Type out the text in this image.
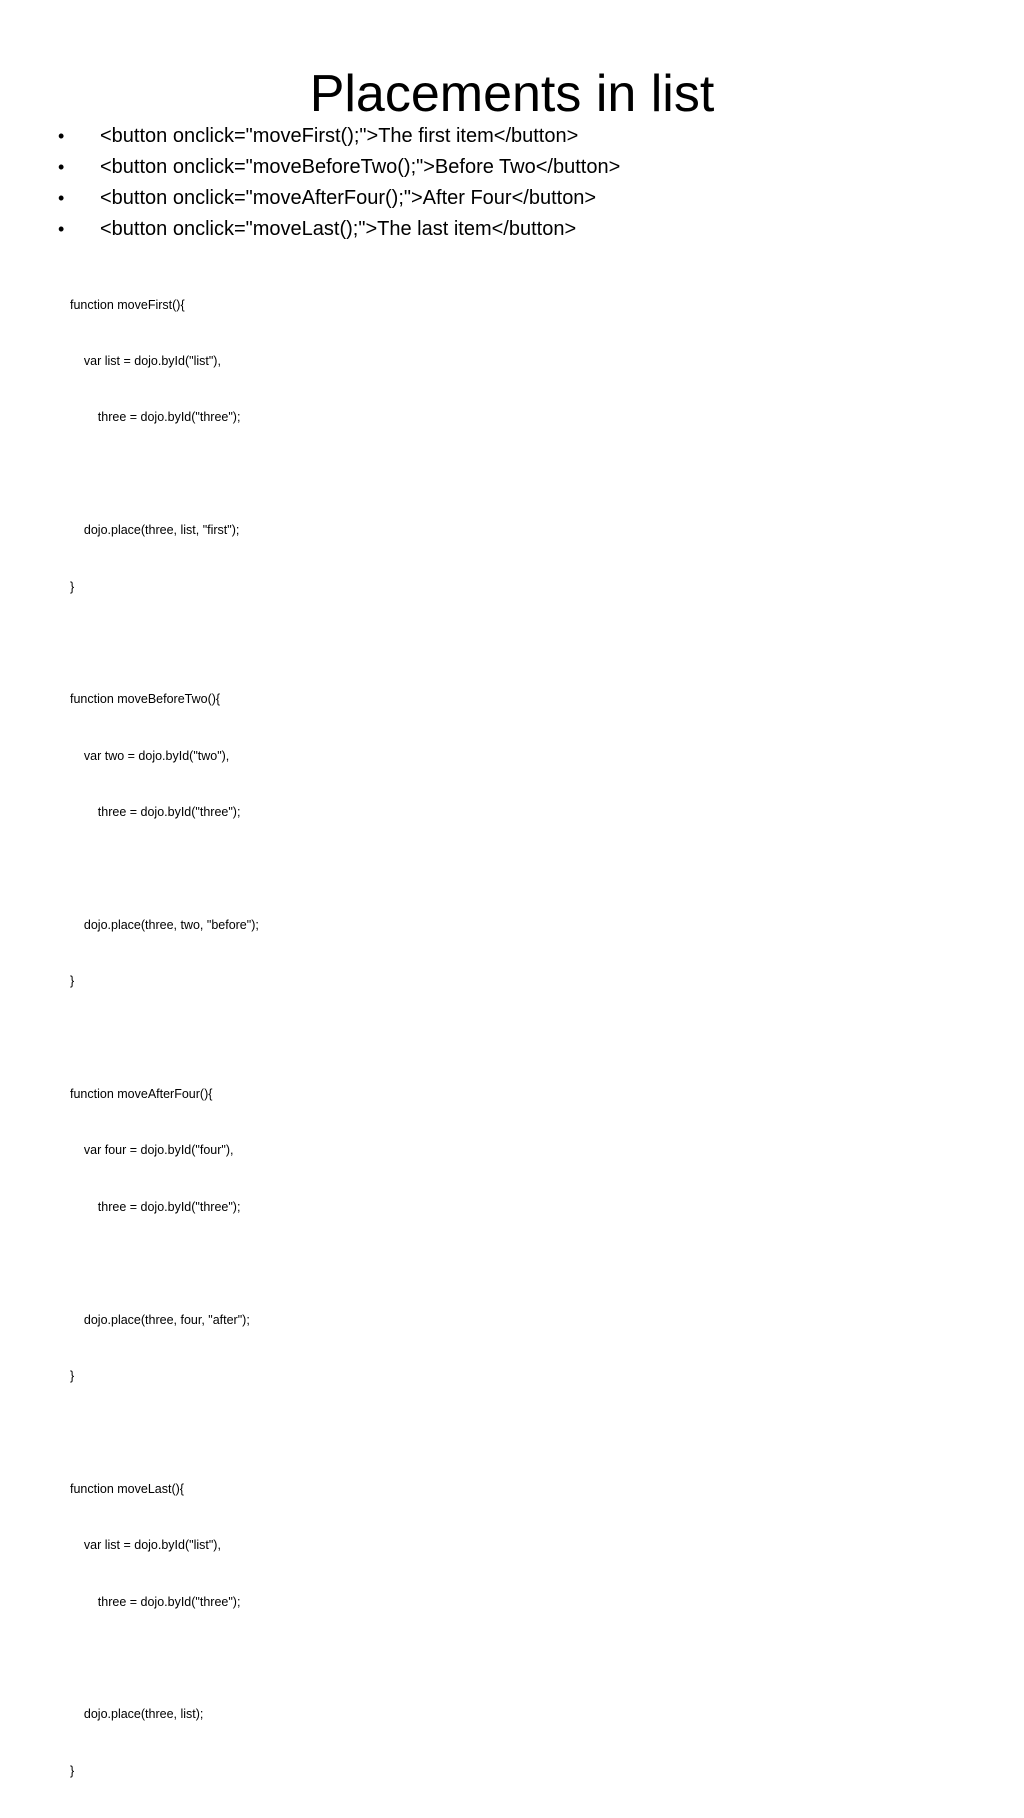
Placements in list
•	<button onclick="moveFirst();">The first item</button>
•	<button onclick="moveBeforeTwo();">Before Two</button>
•	<button onclick="moveAfterFour();">After Four</button>
•	<button onclick="moveLast();">The last item</button>

function moveFirst(){

var list = dojo.byId("list"),

three = dojo.byId("three");

dojo.place(three, list, "first");

}

function moveBeforeTwo(){

var two = dojo.byId("two"),

three = dojo.byId("three");

dojo.place(three, two, "before");

}

function moveAfterFour(){

var four = dojo.byId("four"),

three = dojo.byId("three");

dojo.place(three, four, "after");

}

function moveLast(){

var list = dojo.byId("list"),

three = dojo.byId("three");

dojo.place(three, list);

}
